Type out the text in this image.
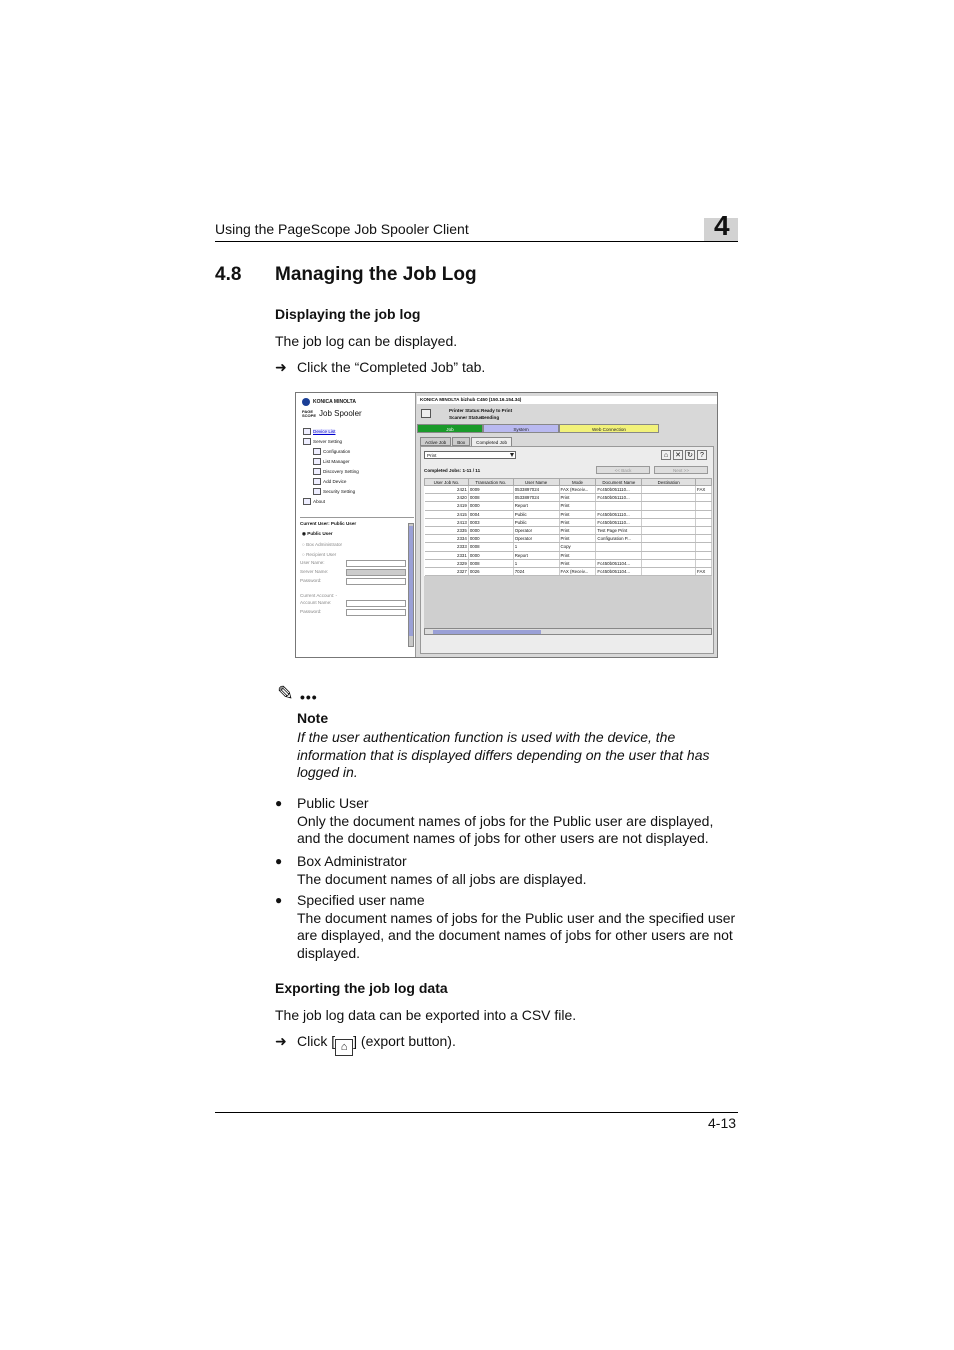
Using the PageScope Job Spooler Client	4
4.8 Managing the Job Log
Displaying the job log
The job log can be displayed.
➜ Click the “Completed Job” tab.
KONICA MINOLTA
PAGE SCOPE Job Spooler
Device List
Server Setting
Configuration
List Manager
Discovery Setting
Add Device
Security Setting
About
Current User: Public User
◉ Public User
○ Box Administrator
○ Recipient User
User Name:
Server Name:
Password:
Current Account: -
Account Name:
Password:
KONICA MINOLTA bizhub C450 (150.16.154.34)
Printer Status: Ready to Print
Scanner Status:
Sending
Job	System	Web Connection
Active Job	Box	Completed Job
Print	⌂ ✕ ↻	?
<< Back	Next >>
Completed Jobs: 1-11 / 11
User Job No.	Transaction No.	User Name	Mode	Document Name	Destination	
2421	0009	0533897024	FAX (Receiv...	Fc450b051110...		FAX
2420	0008	0533897024	Print	Fc450b051110...		
2419	0000	Report	Print			
2415	0004	Public	Print	Fc450b051110...		
2413	0003	Public	Print	Fc450b051110...		
2335	0000	Operator	Print	Test Page Print		
2334	0000	Operator	Print	Configuration P...		
2333	0008	1	Copy			
2331	0000	Report	Print			
2329	0008	1	Print	Fc450b051104...		
2327	0026	7024	FAX (Receiv...	Fc450b051104...		FAX
✎ •••
Note
If the user authentication function is used with the device, the information that is displayed differs depending on the user that has logged in.
●	Public User
Only the document names of jobs for the Public user are displayed, and the document names of jobs for other users are not displayed.
●	Box Administrator
The document names of all jobs are displayed.
●	Specified user name
The document names of jobs for the Public user and the specified user are displayed, and the document names of jobs for other users are not displayed.
Exporting the job log data
The job log data can be exported into a CSV file.
➜ Click [ ⌂ ] (export button).
4-13
